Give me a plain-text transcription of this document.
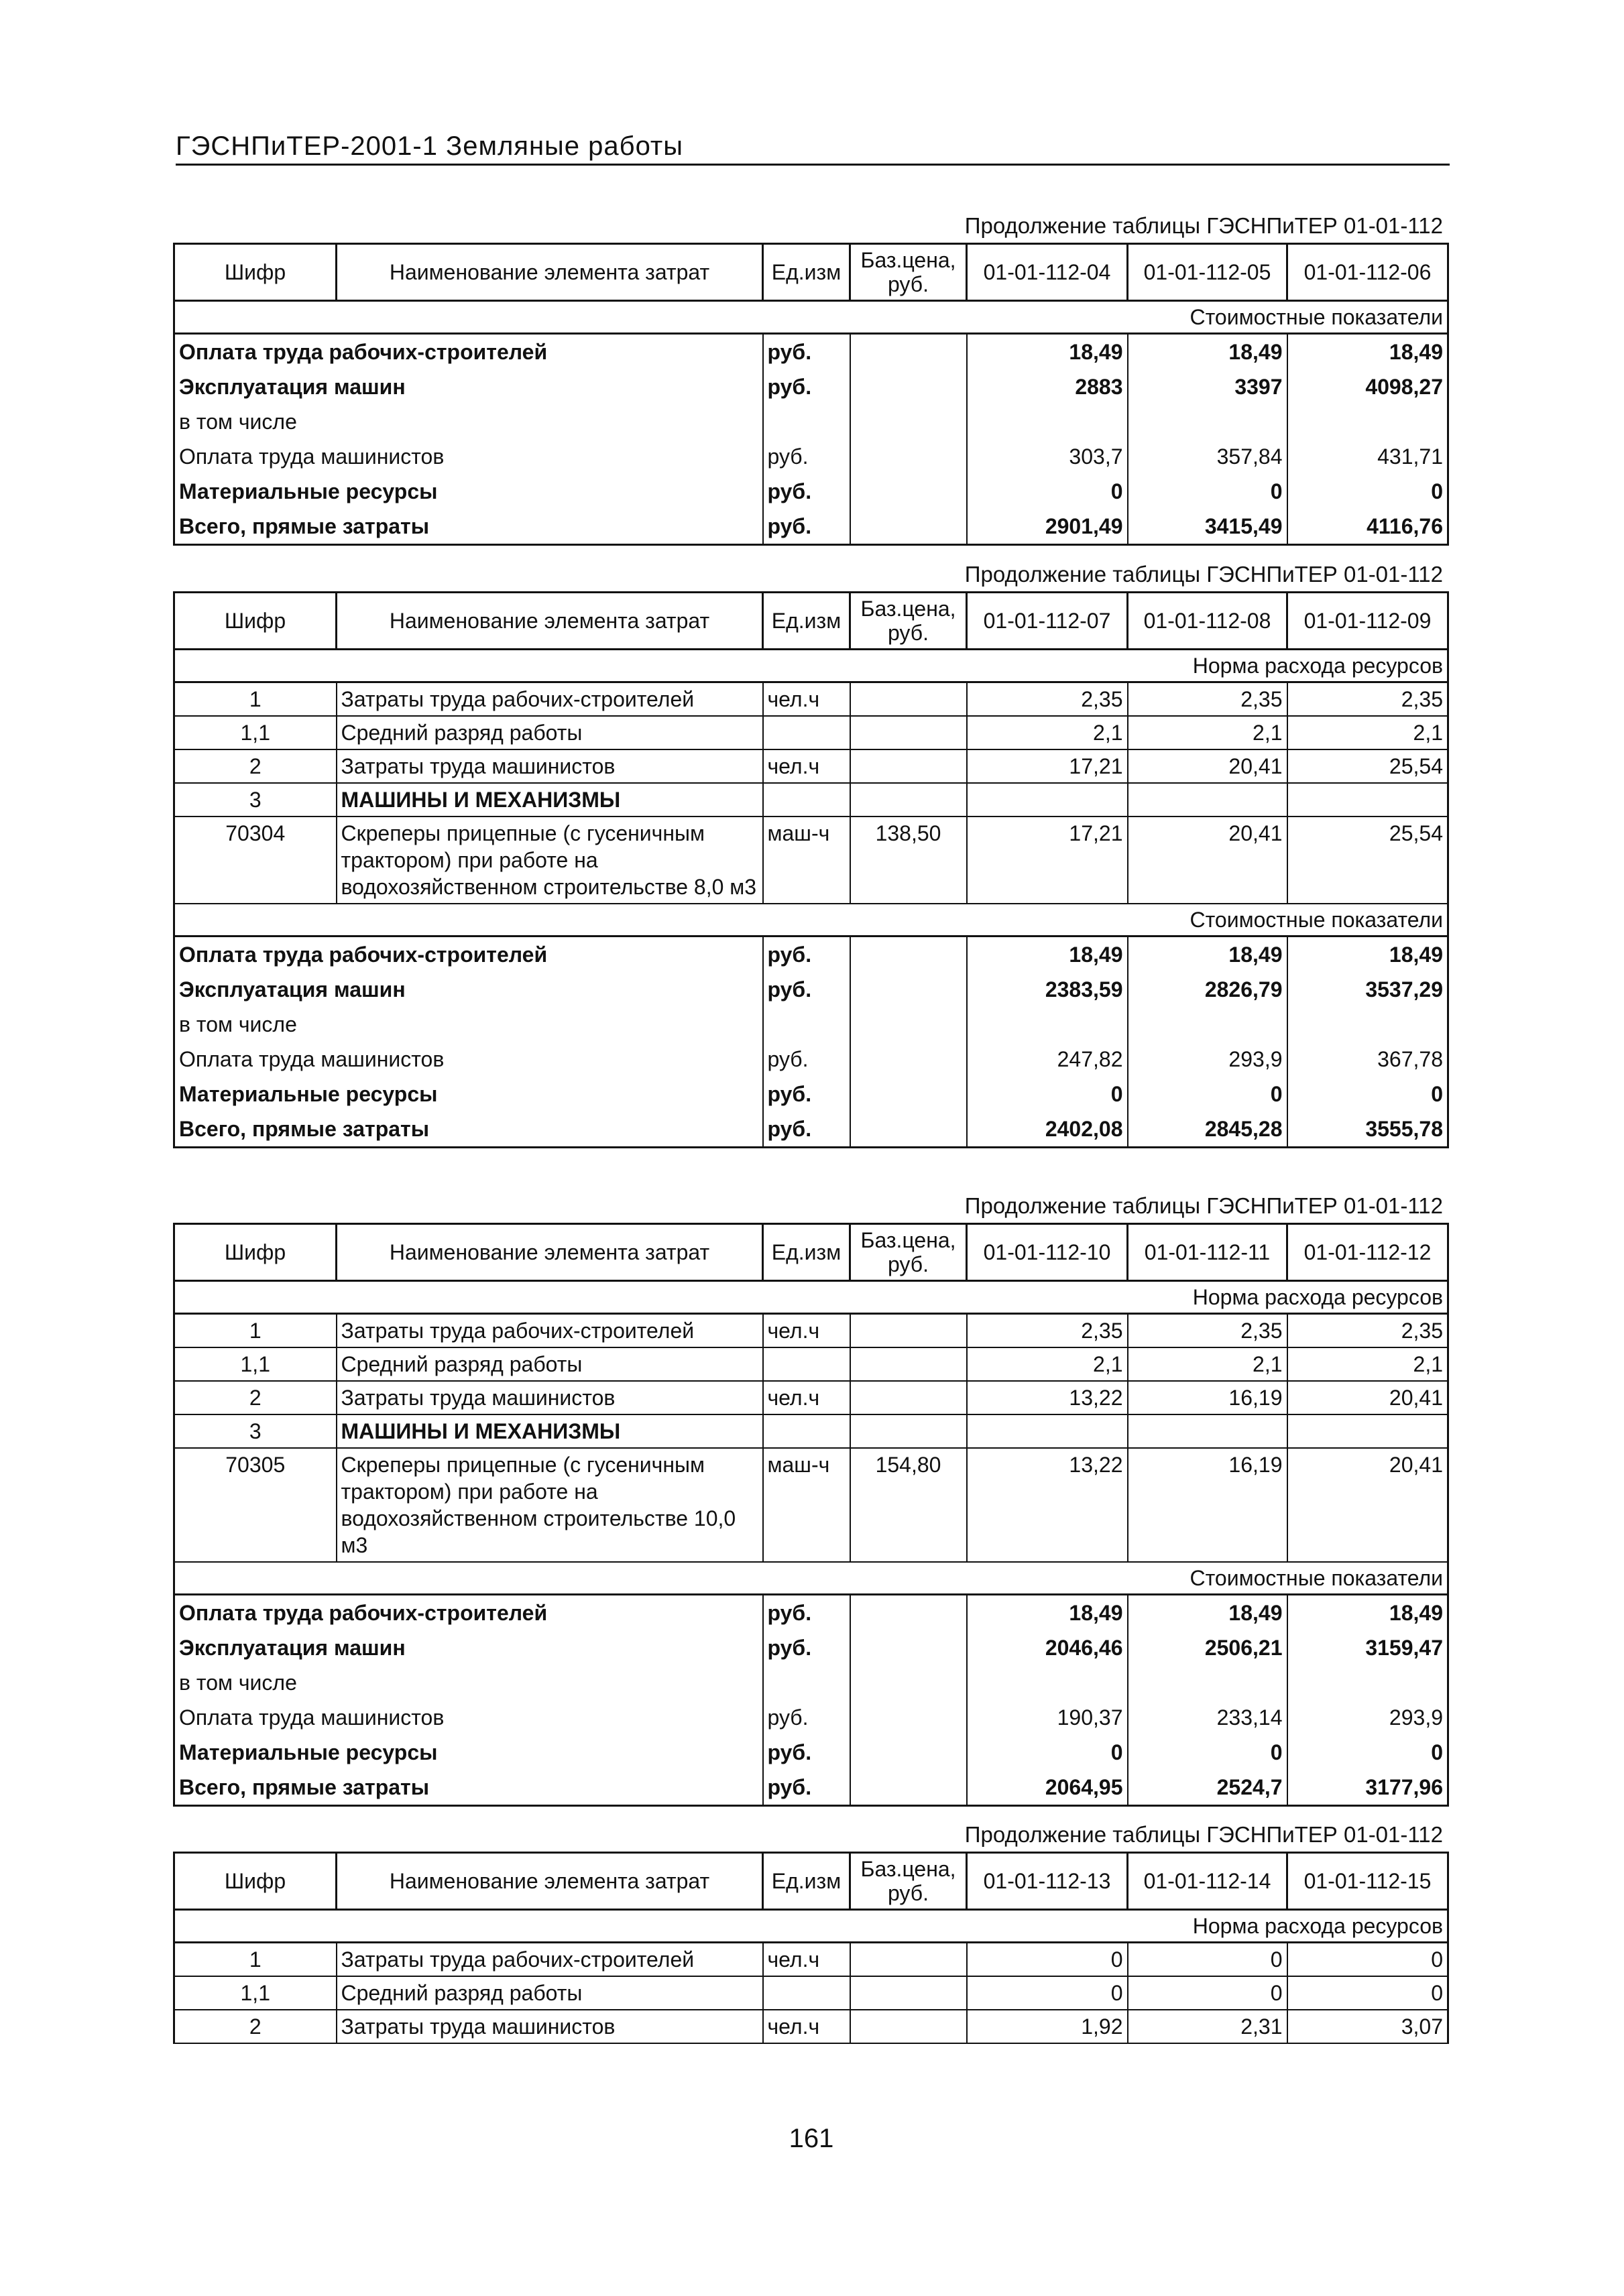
ГЭСНПиТЕР-2001-1 Земляные работы
Продолжение таблицы ГЭСНПиТЕР 01-01-112
Шифр	Наименование элемента затрат	Ед.изм	Баз.цена, руб.	01-01-112-04	01-01-112-05	01-01-112-06
Стоимостные показатели						
Оплата труда рабочих-строителей		руб.		18,49	18,49	18,49
Эксплуатация машин		руб.		2883	3397	4098,27
в том числе						
Оплата труда машинистов		руб.		303,7	357,84	431,71
Материальные ресурсы		руб.		0	0	0
Всего, прямые затраты		руб.		2901,49	3415,49	4116,76
Продолжение таблицы ГЭСНПиТЕР 01-01-112
Шифр	Наименование элемента затрат	Ед.изм	Баз.цена, руб.	01-01-112-07	01-01-112-08	01-01-112-09
Норма расхода ресурсов						
1	Затраты труда рабочих-строителей	чел.ч		2,35	2,35	2,35
1,1	Средний разряд работы			2,1	2,1	2,1
2	Затраты труда машинистов	чел.ч		17,21	20,41	25,54
3	МАШИНЫ И МЕХАНИЗМЫ					
70304	Скреперы прицепные (с гусеничным трактором) при работе на водохозяйственном строительстве 8,0 м3	маш-ч	138,50	17,21	20,41	25,54
Стоимостные показатели						
Оплата труда рабочих-строителей		руб.		18,49	18,49	18,49
Эксплуатация машин		руб.		2383,59	2826,79	3537,29
в том числе						
Оплата труда машинистов		руб.		247,82	293,9	367,78
Материальные ресурсы		руб.		0	0	0
Всего, прямые затраты		руб.		2402,08	2845,28	3555,78
Продолжение таблицы ГЭСНПиТЕР 01-01-112
Шифр	Наименование элемента затрат	Ед.изм	Баз.цена, руб.	01-01-112-10	01-01-112-11	01-01-112-12
Норма расхода ресурсов						
1	Затраты труда рабочих-строителей	чел.ч		2,35	2,35	2,35
1,1	Средний разряд работы			2,1	2,1	2,1
2	Затраты труда машинистов	чел.ч		13,22	16,19	20,41
3	МАШИНЫ И МЕХАНИЗМЫ					
70305	Скреперы прицепные (с гусеничным трактором) при работе на водохозяйственном строительстве 10,0 м3	маш-ч	154,80	13,22	16,19	20,41
Стоимостные показатели						
Оплата труда рабочих-строителей		руб.		18,49	18,49	18,49
Эксплуатация машин		руб.		2046,46	2506,21	3159,47
в том числе						
Оплата труда машинистов		руб.		190,37	233,14	293,9
Материальные ресурсы		руб.		0	0	0
Всего, прямые затраты		руб.		2064,95	2524,7	3177,96
Продолжение таблицы ГЭСНПиТЕР 01-01-112
Шифр	Наименование элемента затрат	Ед.изм	Баз.цена, руб.	01-01-112-13	01-01-112-14	01-01-112-15
Норма расхода ресурсов						
1	Затраты труда рабочих-строителей	чел.ч		0	0	0
1,1	Средний разряд работы			0	0	0
2	Затраты труда машинистов	чел.ч		1,92	2,31	3,07
161
